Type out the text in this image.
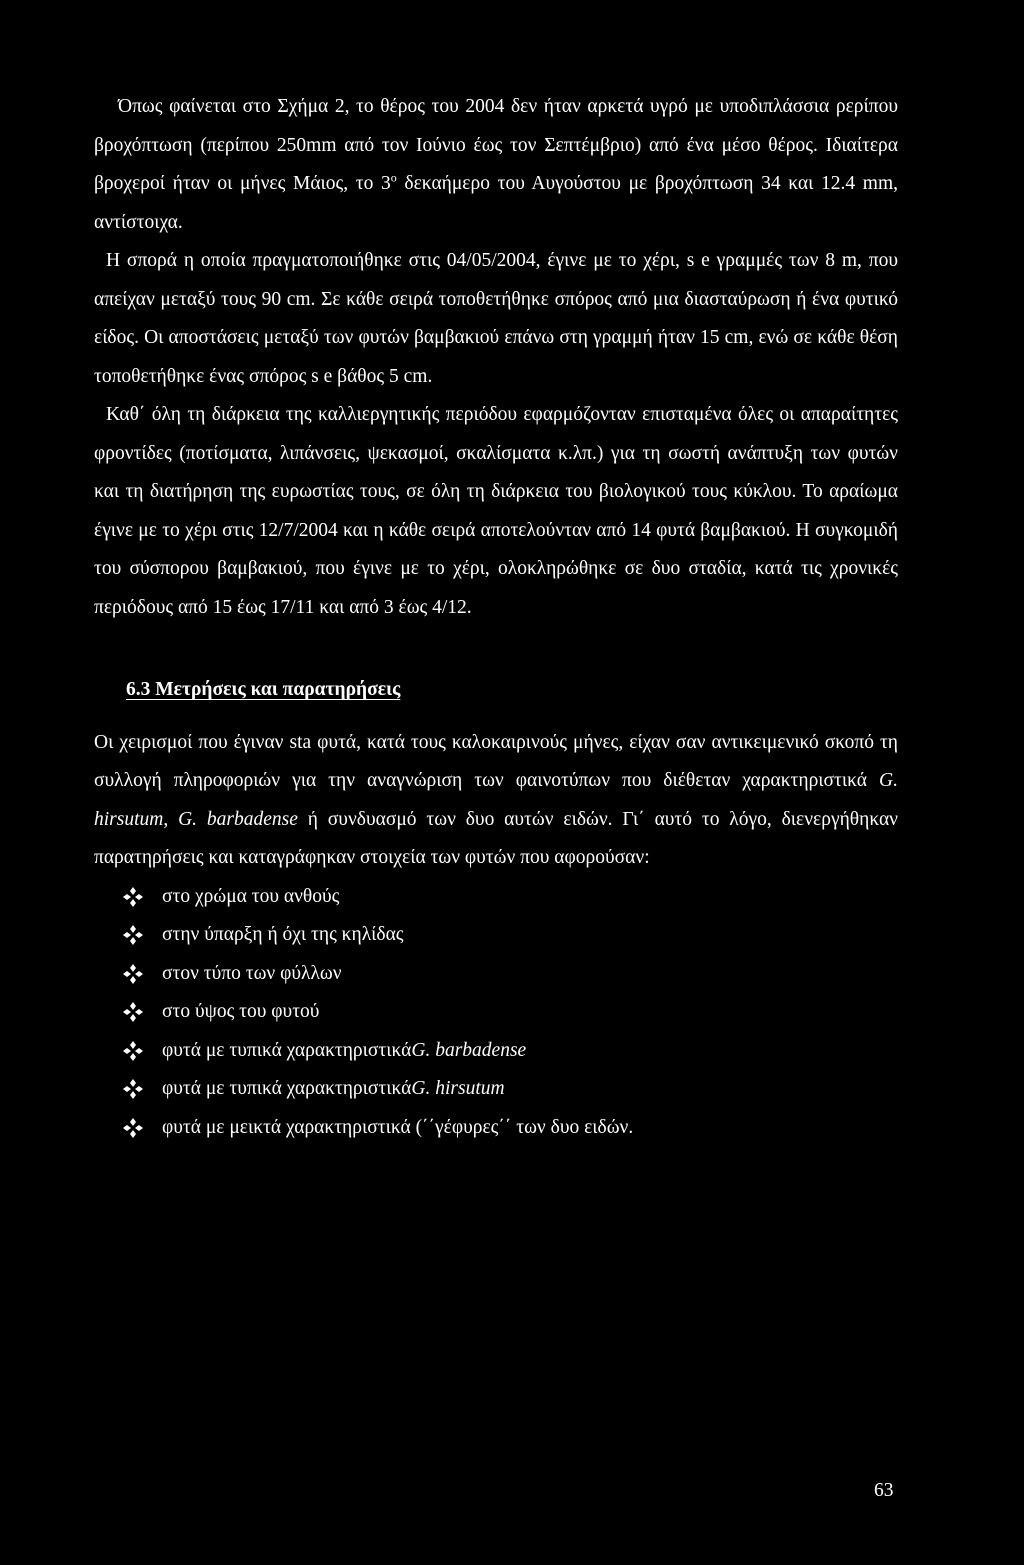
Όπως φαίνεται στο Σχήμα 2, το θέρος του 2004 δεν ήταν αρκετά υγρό με υποδιπλάσσια ρερίπου βροχόπτωση (περίπου 250mm από τον Ιούνιο έως τον Σεπτέμβριο) από ένα μέσο θέρος. Ιδιαίτερα βροχεροί ήταν οι μήνες Μάιος, το $3^o$ δεκαήμερο του Αυγούστου με βροχόπτωση 34 και 12.4 mm, αντίστοιχα.

Η σπορά η οποία πραγματοποιήθηκε στις 04/05/2004, έγινε με το χέρι, s e γραμμές των 8 m, που απείχαν μεταξύ τους 90 cm. Σε κάθε σειρά τοποθετήθηκε σπόρος από μια διασταύρωση ή ένα φυτικό είδος. Οι αποστάσεις μεταξύ των φυτών βαμβακιού επάνω στη γραμμή ήταν 15 cm, ενώ σε κάθε θέση τοποθετήθηκε ένας σπόρος s e βάθος 5 cm.

Καθ΄ όλη τη διάρκεια της καλλιεργητικής περιόδου εφαρμόζονταν επισταμένα όλες οι απαραίτητες φροντίδες (ποτίσματα, λιπάνσεις, ψεκασμοί, σκαλίσματα κ.λπ.) για τη σωστή ανάπτυξη των φυτών και τη διατήρηση της ευρωστίας τους, σε όλη τη διάρκεια του βιολογικού τους κύκλου. Το αραίωμα έγινε με το χέρι στις 12/7/2004 και η κάθε σειρά αποτελούνταν από 14 φυτά βαμβακιού. Η συγκομιδή του σύσπορου βαμβακιού, που έγινε με το χέρι, ολοκληρώθηκε σε δυο σταδία, κατά τις χρονικές περιόδους από 15 έως 17/11 και από 3 έως 4/12.

6.3 Μετρήσεις και παρατηρήσεις

Οι χειρισμοί που έγιναν sta φυτά, κατά τους καλοκαιρινούς μήνες, είχαν σαν αντικειμενικό σκοπό τη συλλογή πληροφοριών για την αναγνώριση των φαινοτύπων που διέθεταν χαρακτηριστικά G. hirsutum, G. barbadense ή συνδυασμό των δυο αυτών ειδών. Γι΄ αυτό το λόγο, διενεργήθηκαν παρατηρήσεις και καταγράφηκαν στοιχεία των φυτών που αφορούσαν:

στο χρώμα του ανθούς
στην ύπαρξη ή όχι της κηλίδας
στον τύπο των φύλλων
στο ύψος του φυτού
φυτά με τυπικά χαρακτηριστικά G. barbadense
φυτά με τυπικά χαρακτηριστικά G. hirsutum
φυτά με μεικτά χαρακτηριστικά (΄΄γέφυρες΄΄ των δυο ειδών.
63
